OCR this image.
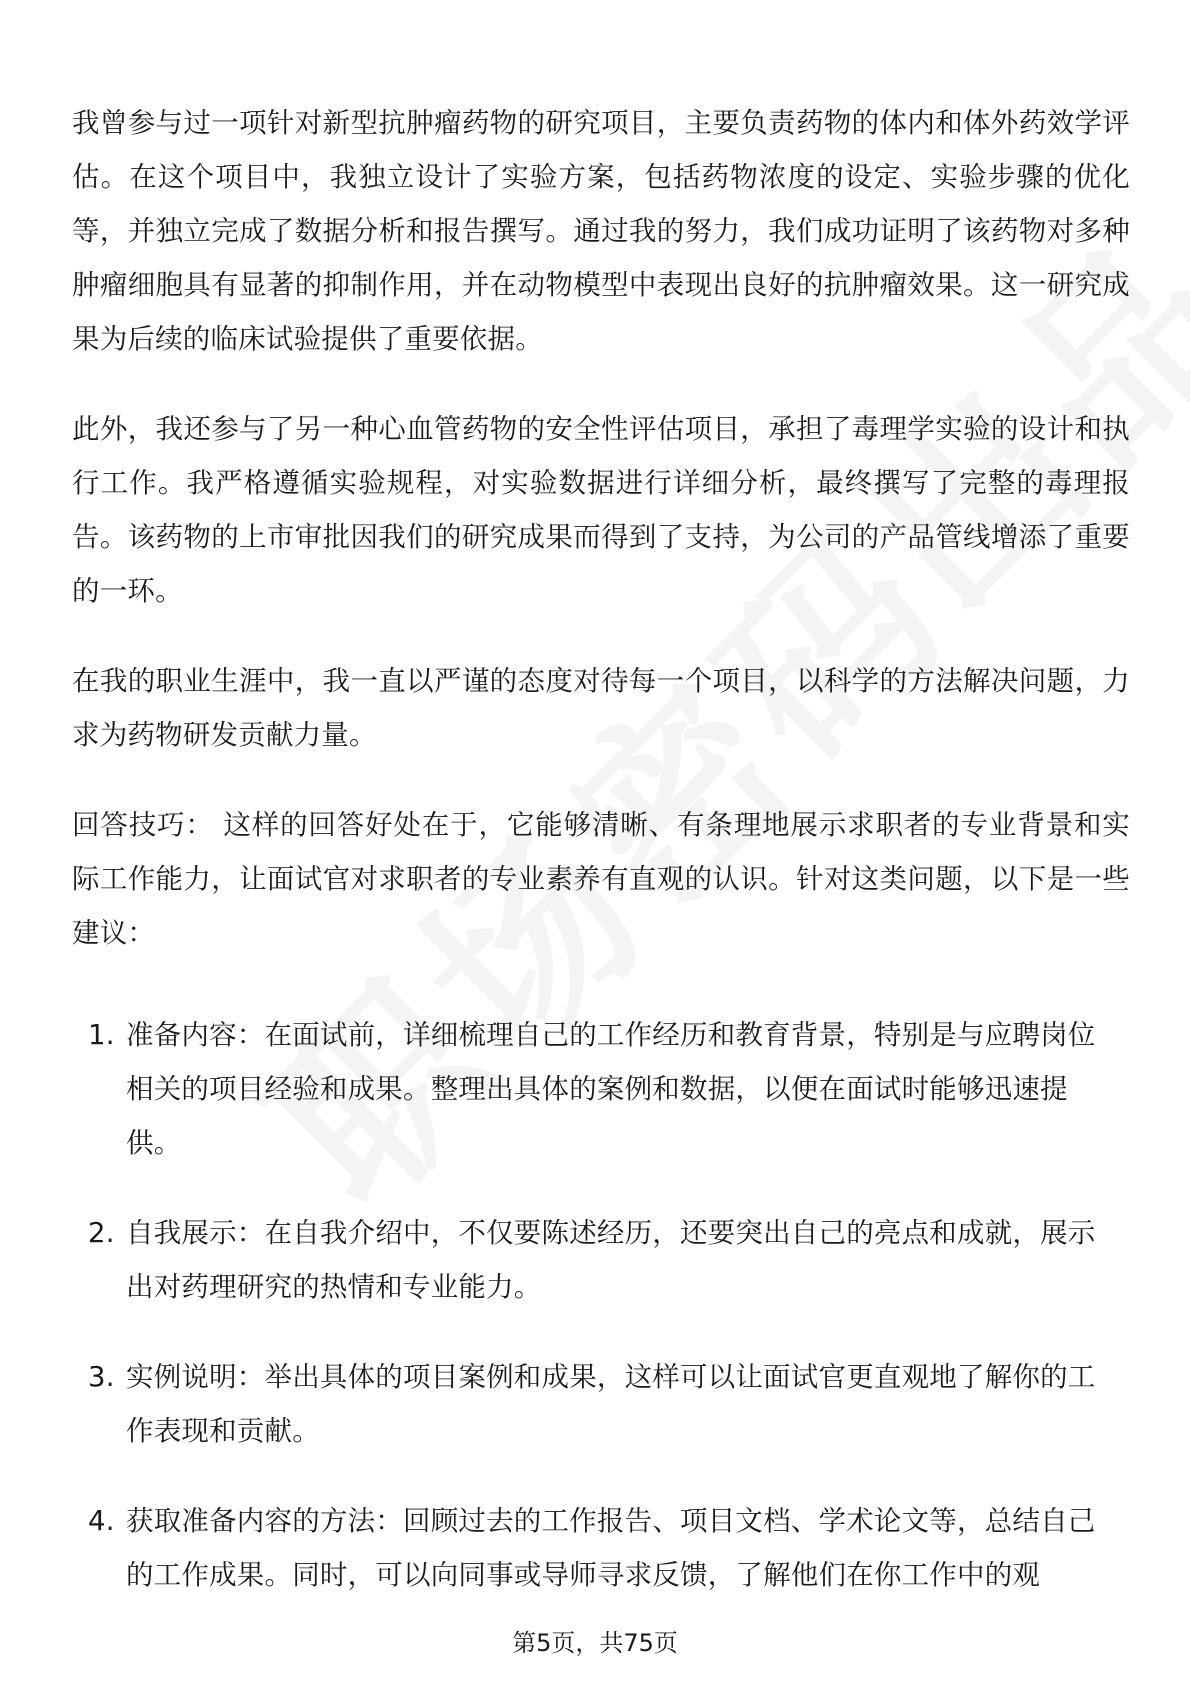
我曾参与过一项针对新型抗肿瘤药物的研究项目，主要负责药物的体内和体外药效学评估。在这个项目中，我独立设计了实验方案，包括药物浓度的设定、实验步骤的优化等，并独立完成了数据分析和报告撰写。通过我的努力，我们成功证明了该药物对多种肿瘤细胞具有显著的抑制作用，并在动物模型中表现出良好的抗肿瘤效果。这一研究成果为后续的临床试验提供了重要依据。

此外，我还参与了另一种心血管药物的安全性评估项目，承担了毒理学实验的设计和执行工作。我严格遵循实验规程，对实验数据进行详细分析，最终撰写了完整的毒理报告。该药物的上市审批因我们的研究成果而得到了支持，为公司的产品管线增添了重要的一环。

在我的职业生涯中，我一直以严谨的态度对待每一个项目，以科学的方法解决问题，力求为药物研发贡献力量。

回答技巧： 这样的回答好处在于，它能够清晰、有条理地展示求职者的专业背景和实际工作能力，让面试官对求职者的专业素养有直观的认识。针对这类问题，以下是一些建议：

1. 准备内容：在面试前，详细梳理自己的工作经历和教育背景，特别是与应聘岗位相关的项目经验和成果。整理出具体的案例和数据，以便在面试时能够迅速提供。
2. 自我展示：在自我介绍中，不仅要陈述经历，还要突出自己的亮点和成就，展示出对药理研究的热情和专业能力。
3. 实例说明：举出具体的项目案例和成果，这样可以让面试官更直观地了解你的工作表现和贡献。
4. 获取准备内容的方法：回顾过去的工作报告、项目文档、学术论文等，总结自己的工作成果。同时，可以向同事或导师寻求反馈，了解他们在你工作中的观
第5页，共75页
